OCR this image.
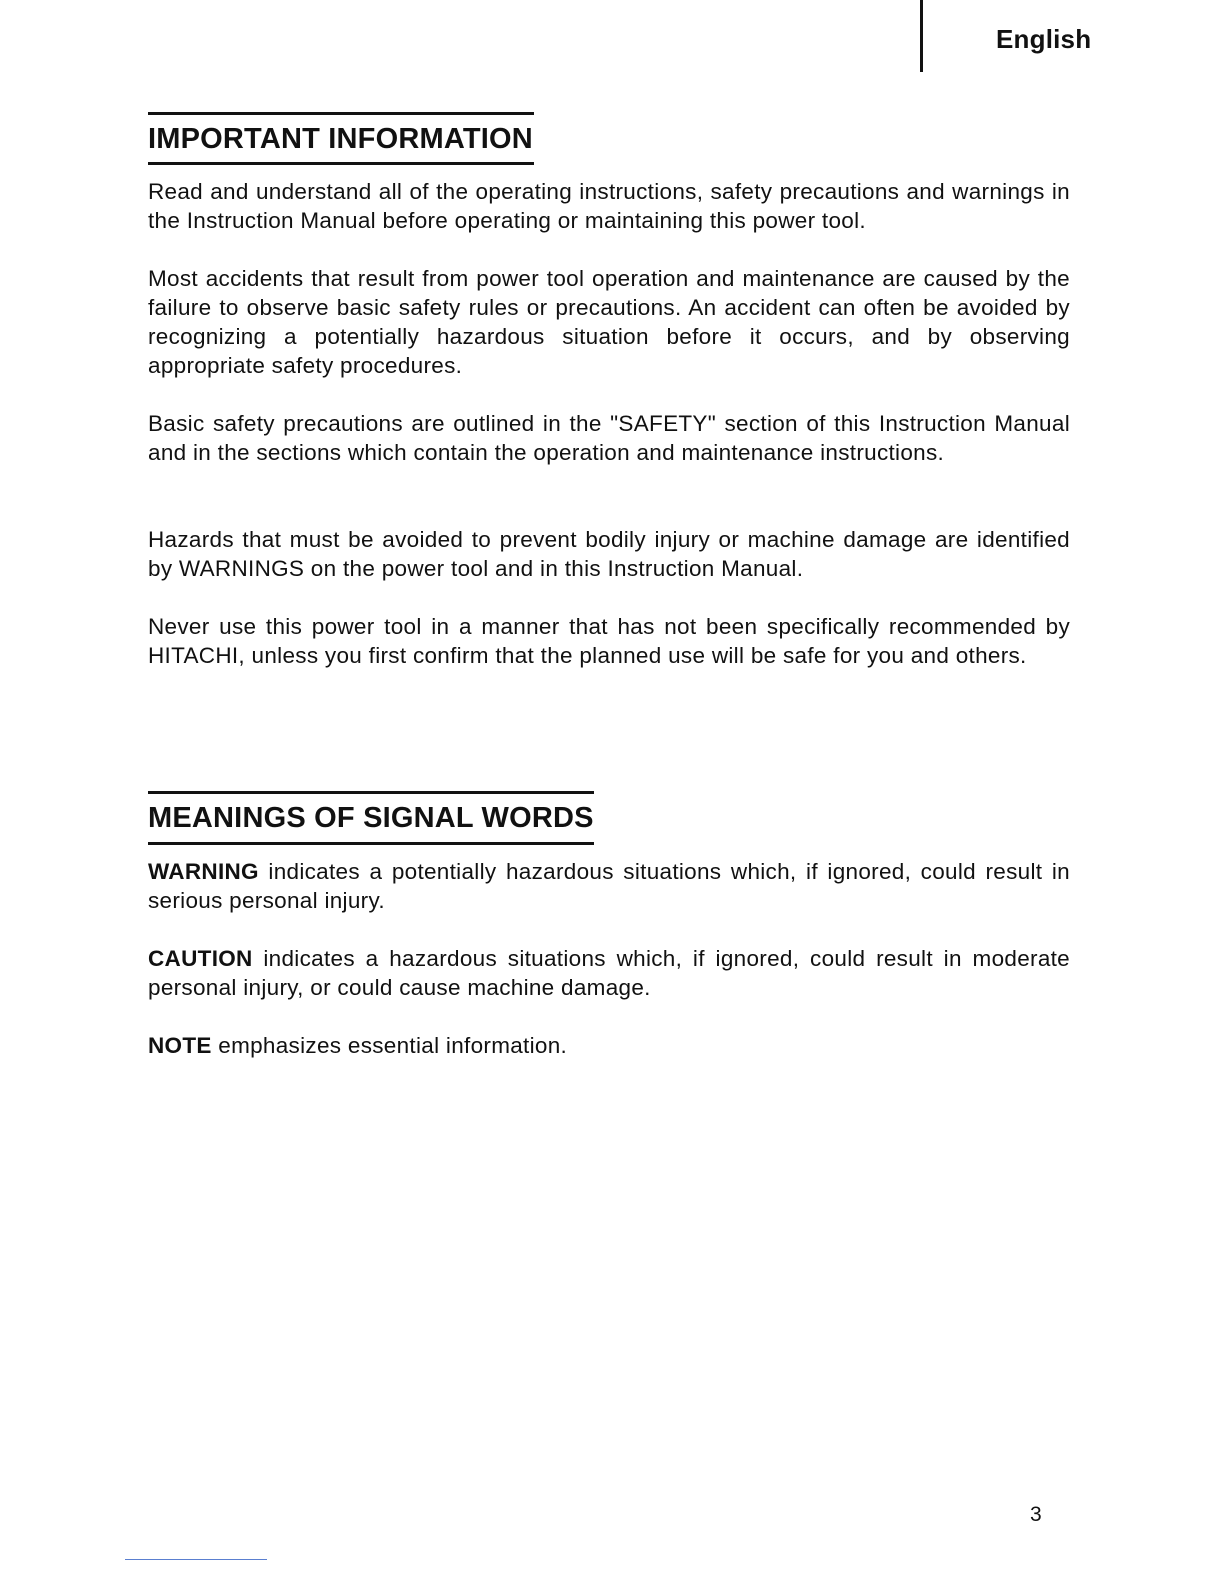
English
IMPORTANT INFORMATION

Read and understand all of the operating instructions, safety precautions and warnings in the Instruction Manual before operating or maintaining this power tool.

Most accidents that result from power tool operation and maintenance are caused by the failure to observe basic safety rules or precautions. An accident can often be avoided by recognizing a potentially hazardous situation before it occurs, and by observing appropriate safety procedures.

Basic safety precautions are outlined in the "SAFETY" section of this Instruction Manual and in the sections which contain the operation and maintenance instructions.

Hazards that must be avoided to prevent bodily injury or machine damage are identified by WARNINGS on the power tool and in this Instruction Manual.

Never use this power tool in a manner that has not been specifically recommended by HITACHI, unless you first confirm that the planned use will be safe for you and others.

MEANINGS OF SIGNAL WORDS

WARNING indicates a potentially hazardous situations which, if ignored, could result in serious personal injury.

CAUTION indicates a hazardous situations which, if ignored, could result in moderate personal injury, or could cause machine damage.

NOTE emphasizes essential information.

3
